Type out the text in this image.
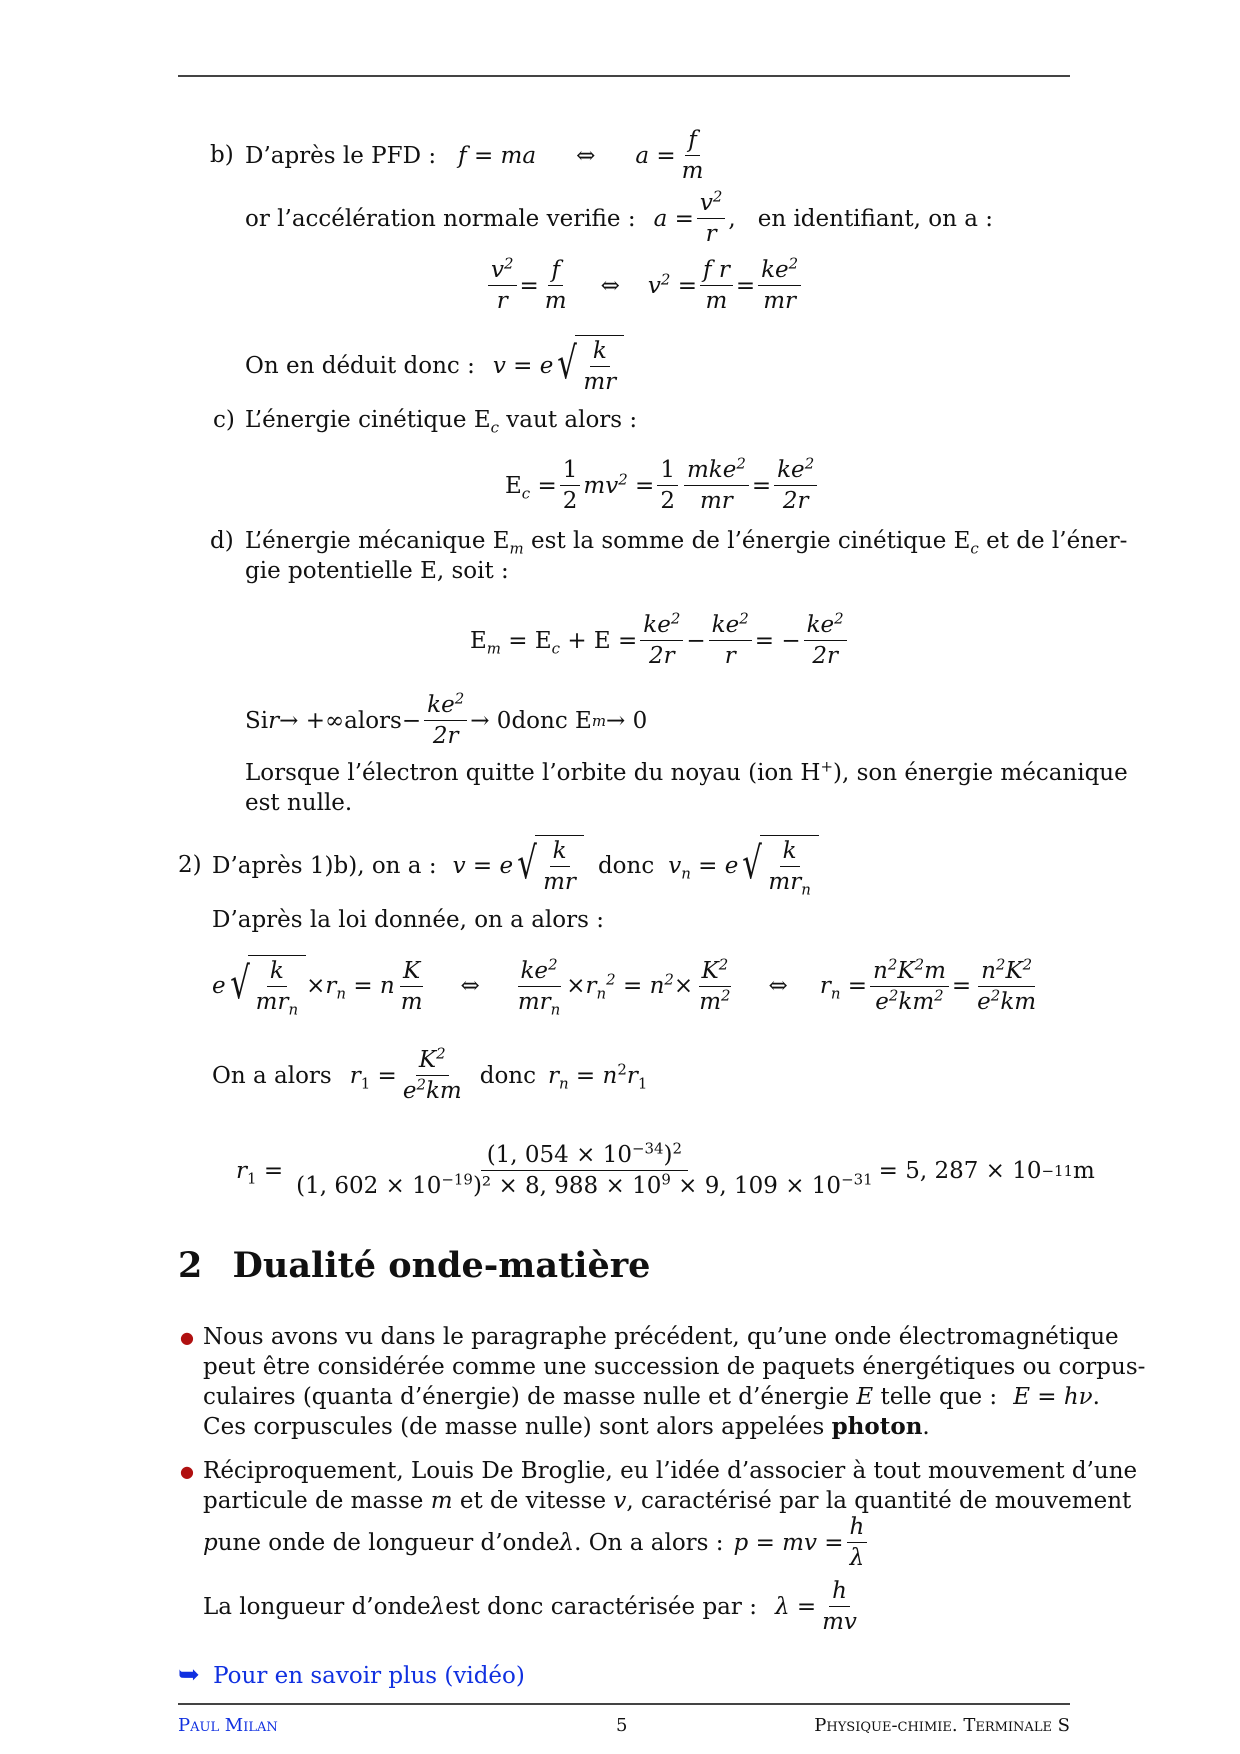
b) D’après le PFD : f = ma ⇔ $a = \frac{f}{m}$
or l’accélération normale verifie : $a = \frac{v^2}{r}$ , en identifiant, on a :
$\frac{v^2}{r} = \frac{f}{m}$ ⇔ $v^2 = \frac{\text{f r}}{m} = \frac{ke^2}{mr}$
On en déduit donc : v = e √ $\frac{k}{mr}$
c) L’énergie cinétique $E_c$ vaut alors :
$E_c = \frac{1}{2} mv^2 = \frac{1}{2} \frac{mke^2}{mr} = \frac{ke^2}{2r}$
d) L’énergie mécanique $E_m$ est la somme de l’énergie cinétique $E_c$ et de l’éner-
gie potentielle E, soit :
$E_m = E_c + E = \frac{ke^2}{2r} - \frac{ke^2}{r}$ = − $\frac{ke^2}{2r}$
Si r → +∞ alors − $\frac{ke^2}{2r} \to 0$ donc E m → 0
Lorsque l’électron quitte l’orbite du noyau (ion H+), son énergie mécanique
est nulle.
2) D’après 1)b), on a : v = e √ $\frac{k}{mr}$ donc $v_n = e$ √ $\frac{k}{mr_n}$
D’après la loi donnée, on a alors :
e √ $\frac{k}{mr_n} \times r_n = n \frac{K}{m}$ ⇔ $\frac{ke^2}{mr_n} \times r_n^2 = n^2 \times \frac{K^2}{m^2}$ ⇔ $r_n = \frac{n^2K^2m}{e^2km^2} = \frac{n^2K^2}{e^2km}$
On a alors $r_1 = \frac{K^2}{e^2km}$ donc $r_n = n^2r_1$
$r_1 = \frac{(1, 054 \times 10^{-34})^2}{(1, 602 \times 10^{-19})^2 \times 8, 988 \times 10^9 \times 9, 109 \times 10^{-31}} = 5$, 287 × 10 −11 m
2 Dualité onde-matière
● Nous avons vu dans le paragraphe précédent, qu’une onde électromagnétique
peut être considérée comme une succession de paquets énergétiques ou corpus-
culaires (quanta d’énergie) de masse nulle et d’énergie E telle que : E = hν.
Ces corpuscules (de masse nulle) sont alors appelées photon.
● Réciproquement, Louis De Broglie, eu l’idée d’associer à tout mouvement d’une
particule de masse m et de vitesse v, caractérisé par la quantité de mouvement
p une onde de longueur d’onde λ . On a alors : p = mv = $\frac{h}{\lambda}$
La longueur d’onde λ est donc caractérisée par : $\lambda = \frac{h}{mv}$
➥ Pour en savoir plus (vidéo)
Paul Milan	5	Physique-chimie. Terminale S
